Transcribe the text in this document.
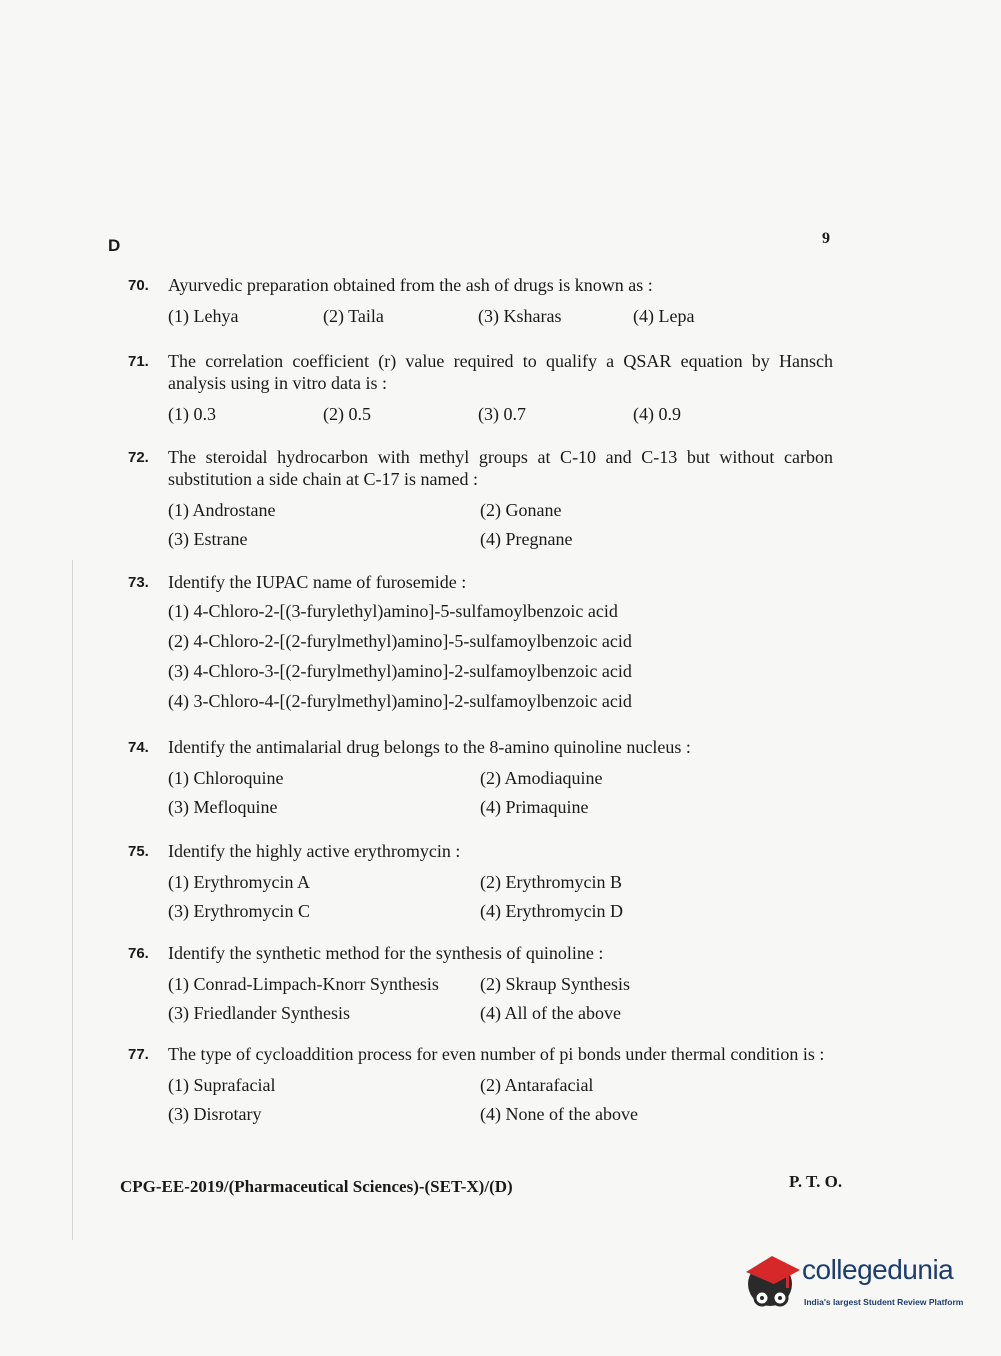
D	9
70.	Ayurvedic preparation obtained from the ash of drugs is known as :
(1) Lehya	(2) Taila	(3) Ksharas	(4) Lepa
71.	The correlation coefficient (r) value required to qualify a QSAR equation by Hansch analysis using in vitro data is :
(1) 0.3	(2) 0.5	(3) 0.7	(4) 0.9
72.	The steroidal hydrocarbon with methyl groups at C-10 and C-13 but without carbon substitution a side chain at C-17 is named :
(1) Androstane	(2) Gonane
(3) Estrane	(4) Pregnane
73.	Identify the IUPAC name of furosemide :
(1) 4-Chloro-2-[(3-furylethyl)amino]-5-sulfamoylbenzoic acid
(2) 4-Chloro-2-[(2-furylmethyl)amino]-5-sulfamoylbenzoic acid
(3) 4-Chloro-3-[(2-furylmethyl)amino]-2-sulfamoylbenzoic acid
(4) 3-Chloro-4-[(2-furylmethyl)amino]-2-sulfamoylbenzoic acid
74.	Identify the antimalarial drug belongs to the 8-amino quinoline nucleus :
(1) Chloroquine	(2) Amodiaquine
(3) Mefloquine	(4) Primaquine
75.	Identify the highly active erythromycin :
(1) Erythromycin A	(2) Erythromycin B
(3) Erythromycin C	(4) Erythromycin D
76.	Identify the synthetic method for the synthesis of quinoline :
(1) Conrad-Limpach-Knorr Synthesis	(2) Skraup Synthesis
(3) Friedlander Synthesis	(4) All of the above
77.	The type of cycloaddition process for even number of pi bonds under thermal condition is :
(1) Suprafacial	(2) Antarafacial
(3) Disrotary	(4) None of the above
CPG-EE-2019/(Pharmaceutical Sciences)-(SET-X)/(D)	P. T. O.
collegedunia
India's largest Student Review Platform
